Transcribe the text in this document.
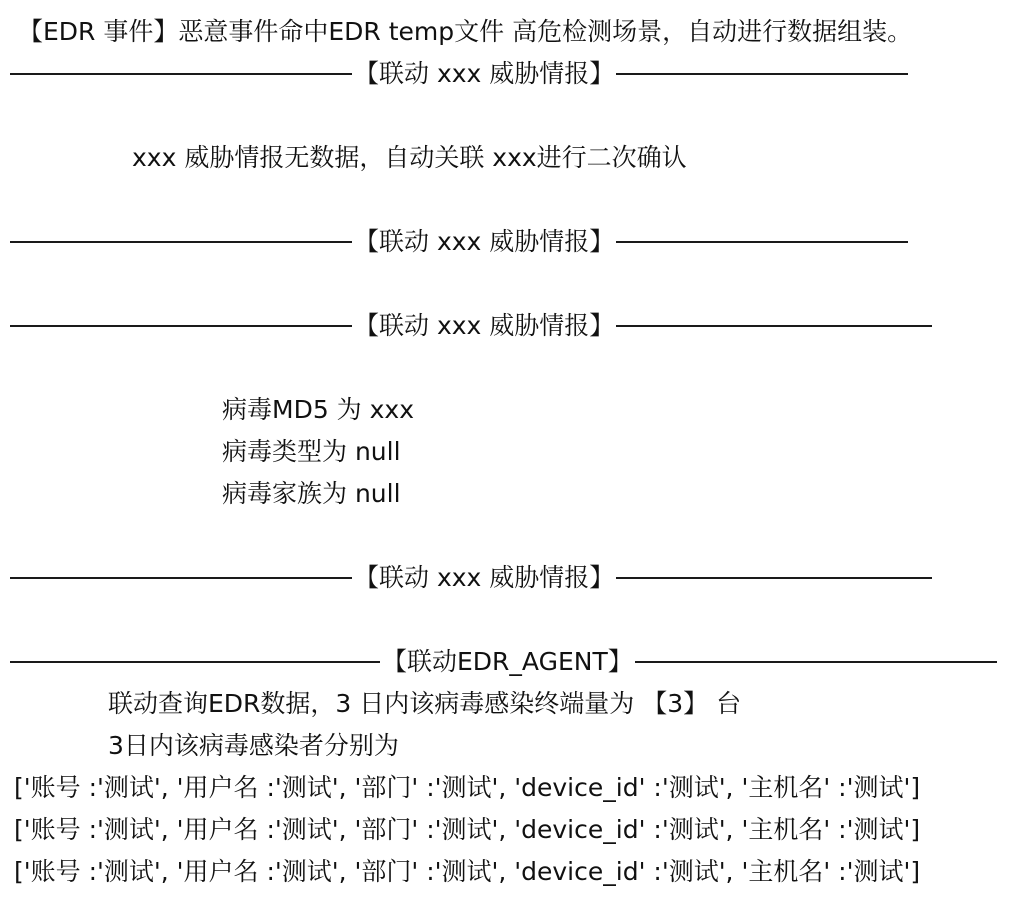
【EDR 事件】恶意事件命中EDR temp文件 高危检测场景，自动进行数据组装。
【联动 xxx 威胁情报】
xxx 威胁情报无数据，自动关联 xxx进行二次确认
【联动 xxx 威胁情报】
【联动 xxx 威胁情报】
病毒MD5 为 xxx
病毒类型为 null
病毒家族为 null
【联动 xxx 威胁情报】
【联动EDR_AGENT】
联动查询EDR数据，3 日内该病毒感染终端量为 【3】 台
3日内该病毒感染者分别为
['账号 :'测试', '用户名 :'测试', '部门' :'测试', 'device_id' :'测试', '主机名' :'测试']
['账号 :'测试', '用户名 :'测试', '部门' :'测试', 'device_id' :'测试', '主机名' :'测试']
['账号 :'测试', '用户名 :'测试', '部门' :'测试', 'device_id' :'测试', '主机名' :'测试']
